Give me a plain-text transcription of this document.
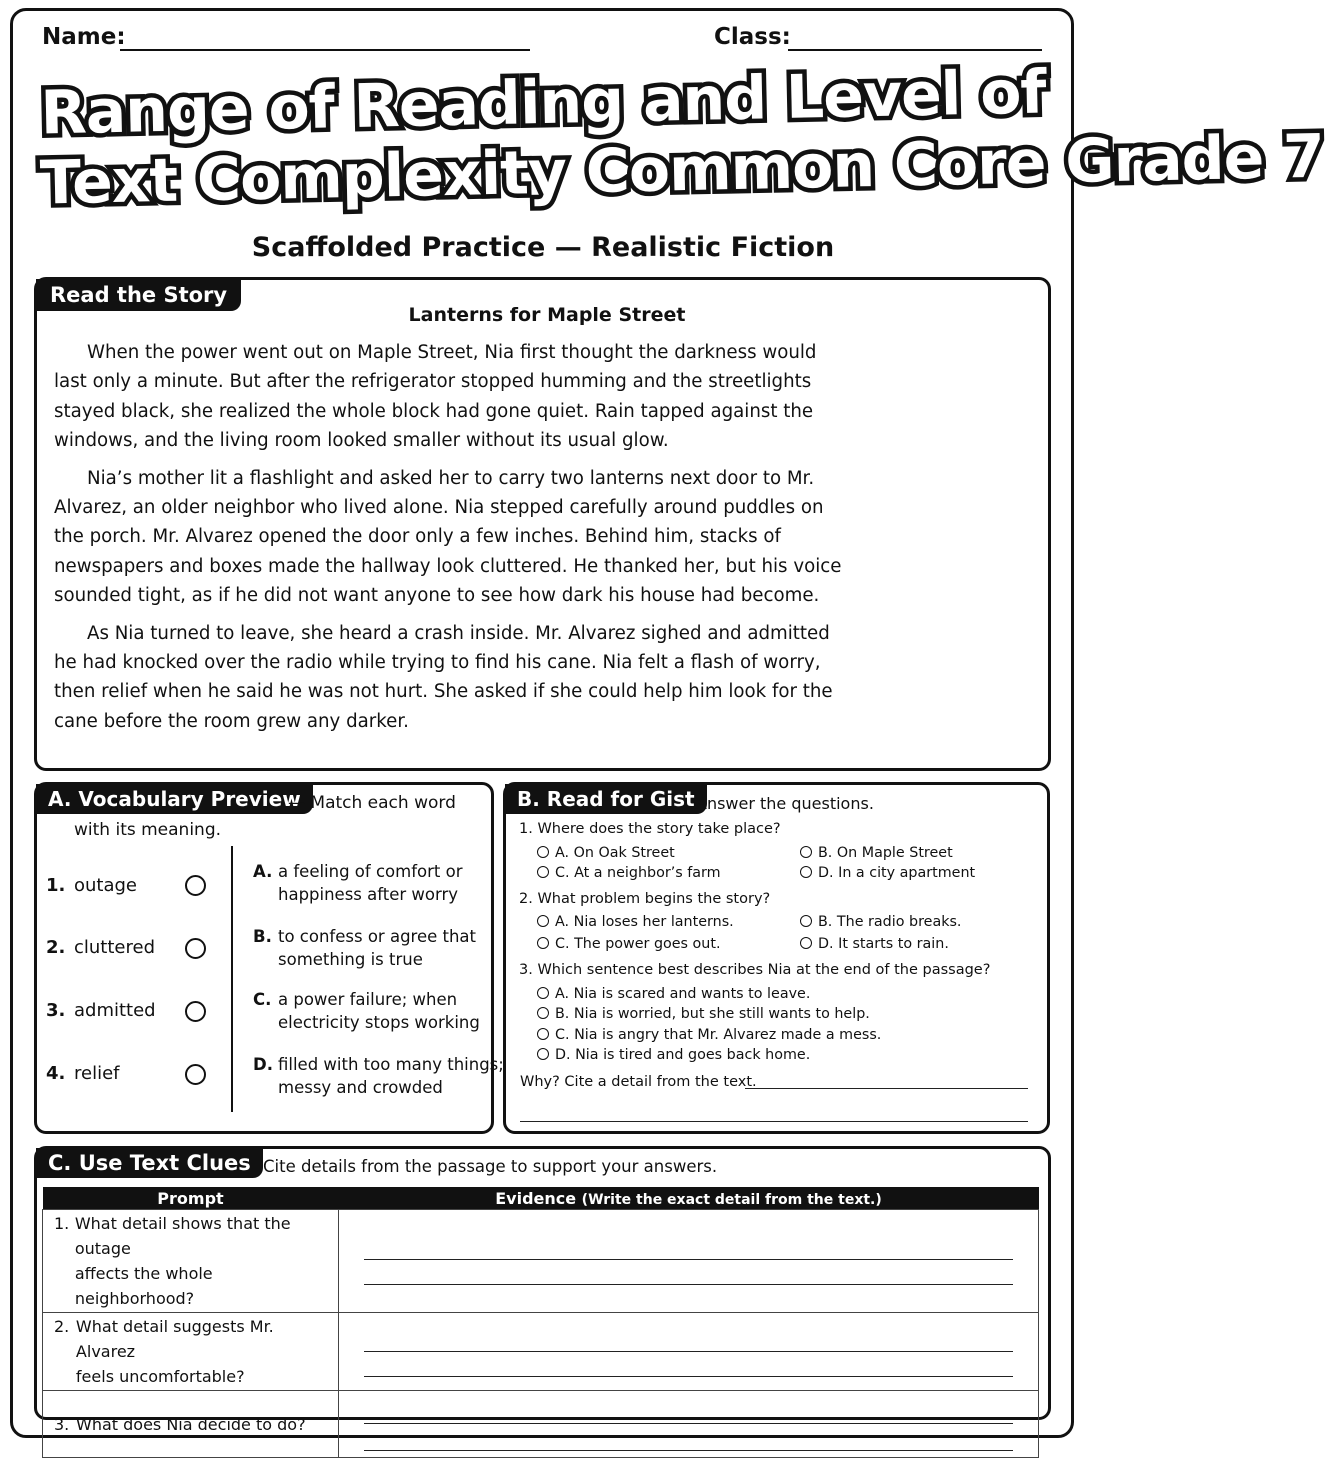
Name:	Class:
Range of Reading and Level of
Text Complexity Common Core Grade 7
Scaffolded Practice — Realistic Fiction
Read the Story
Lanterns for Maple Street

When the power went out on Maple Street, Nia first thought the darkness would last only a minute. But after the refrigerator stopped humming and the streetlights stayed black, she realized the whole block had gone quiet. Rain tapped against the windows, and the living room looked smaller without its usual glow.

Nia’s mother lit a flashlight and asked her to carry two lanterns next door to Mr. Alvarez, an older neighbor who lived alone. Nia stepped carefully around puddles on the porch. Mr. Alvarez opened the door only a few inches. Behind him, stacks of newspapers and boxes made the hallway look cluttered. He thanked her, but his voice sounded tight, as if he did not want anyone to see how dark his house had become.

As Nia turned to leave, she heard a crash inside. Mr. Alvarez sighed and admitted he had knocked over the radio while trying to find his cane. Nia felt a flash of worry, then relief when he said he was not hurt. She asked if she could help him look for the cane before the room grew any darker.

A. Vocabulary Preview
— Match each word
with its meaning.
1. outage
2. cluttered
3. admitted
4. relief
A. a feeling of comfort or
happiness after worry
B. to confess or agree that
something is true
C. a power failure; when
electricity stops working
D. filled with too many things;
messy and crowded
B. Read for Gist Answer the questions.
1. Where does the story take place?
A. On Oak Street	B. On Maple Street
C. At a neighbor’s farm	D. In a city apartment
2. What problem begins the story?
A. Nia loses her lanterns.	B. The radio breaks.
C. The power goes out.	D. It starts to rain.
3. Which sentence best describes Nia at the end of the passage?
A. Nia is scared and wants to leave.
B. Nia is worried, but she still wants to help.
C. Nia is angry that Mr. Alvarez made a mess.
D. Nia is tired and goes back home.
Why? Cite a detail from the text.
C. Use Text Clues Cite details from the passage to support your answers.
Prompt	Evidence (Write the exact detail from the text.)

1. What detail shows that the outage
affects the whole neighborhood?	

2. What detail suggests Mr. Alvarez
feels uncomfortable?	

3. What does Nia decide to do?	
